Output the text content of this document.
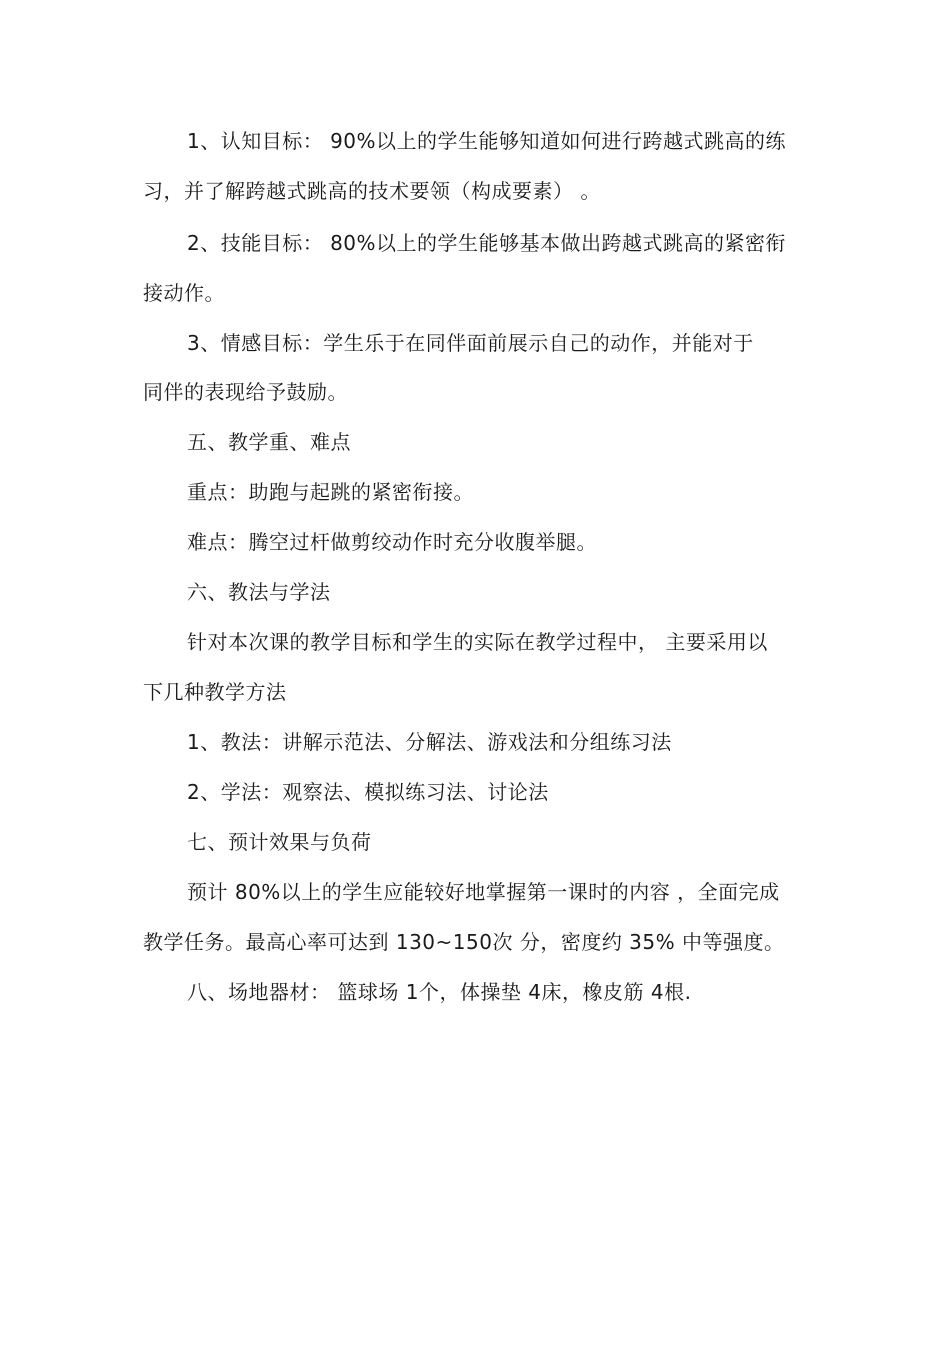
1、认知目标： 90%以上的学生能够知道如何进行跨越式跳高的练
习，并了解跨越式跳高的技术要领（构成要素） 。
2、技能目标： 80%以上的学生能够基本做出跨越式跳高的紧密衔
接动作。
3、情感目标：学生乐于在同伴面前展示自己的动作，并能对于
同伴的表现给予鼓励。
五、教学重、难点
重点：助跑与起跳的紧密衔接。
难点：腾空过杆做剪绞动作时充分收腹举腿。
六、教法与学法
针对本次课的教学目标和学生的实际在教学过程中， 主要采用以
下几种教学方法
1、教法：讲解示范法、分解法、游戏法和分组练习法
2、学法：观察法、模拟练习法、讨论法
七、预计效果与负荷
预计 80%以上的学生应能较好地掌握第一课时的内容 ，全面完成
教学任务。最高心率可达到 130~150次 分，密度约 35% 中等强度。
八、场地器材： 篮球场 1个，体操垫 4床，橡皮筋 4根.
